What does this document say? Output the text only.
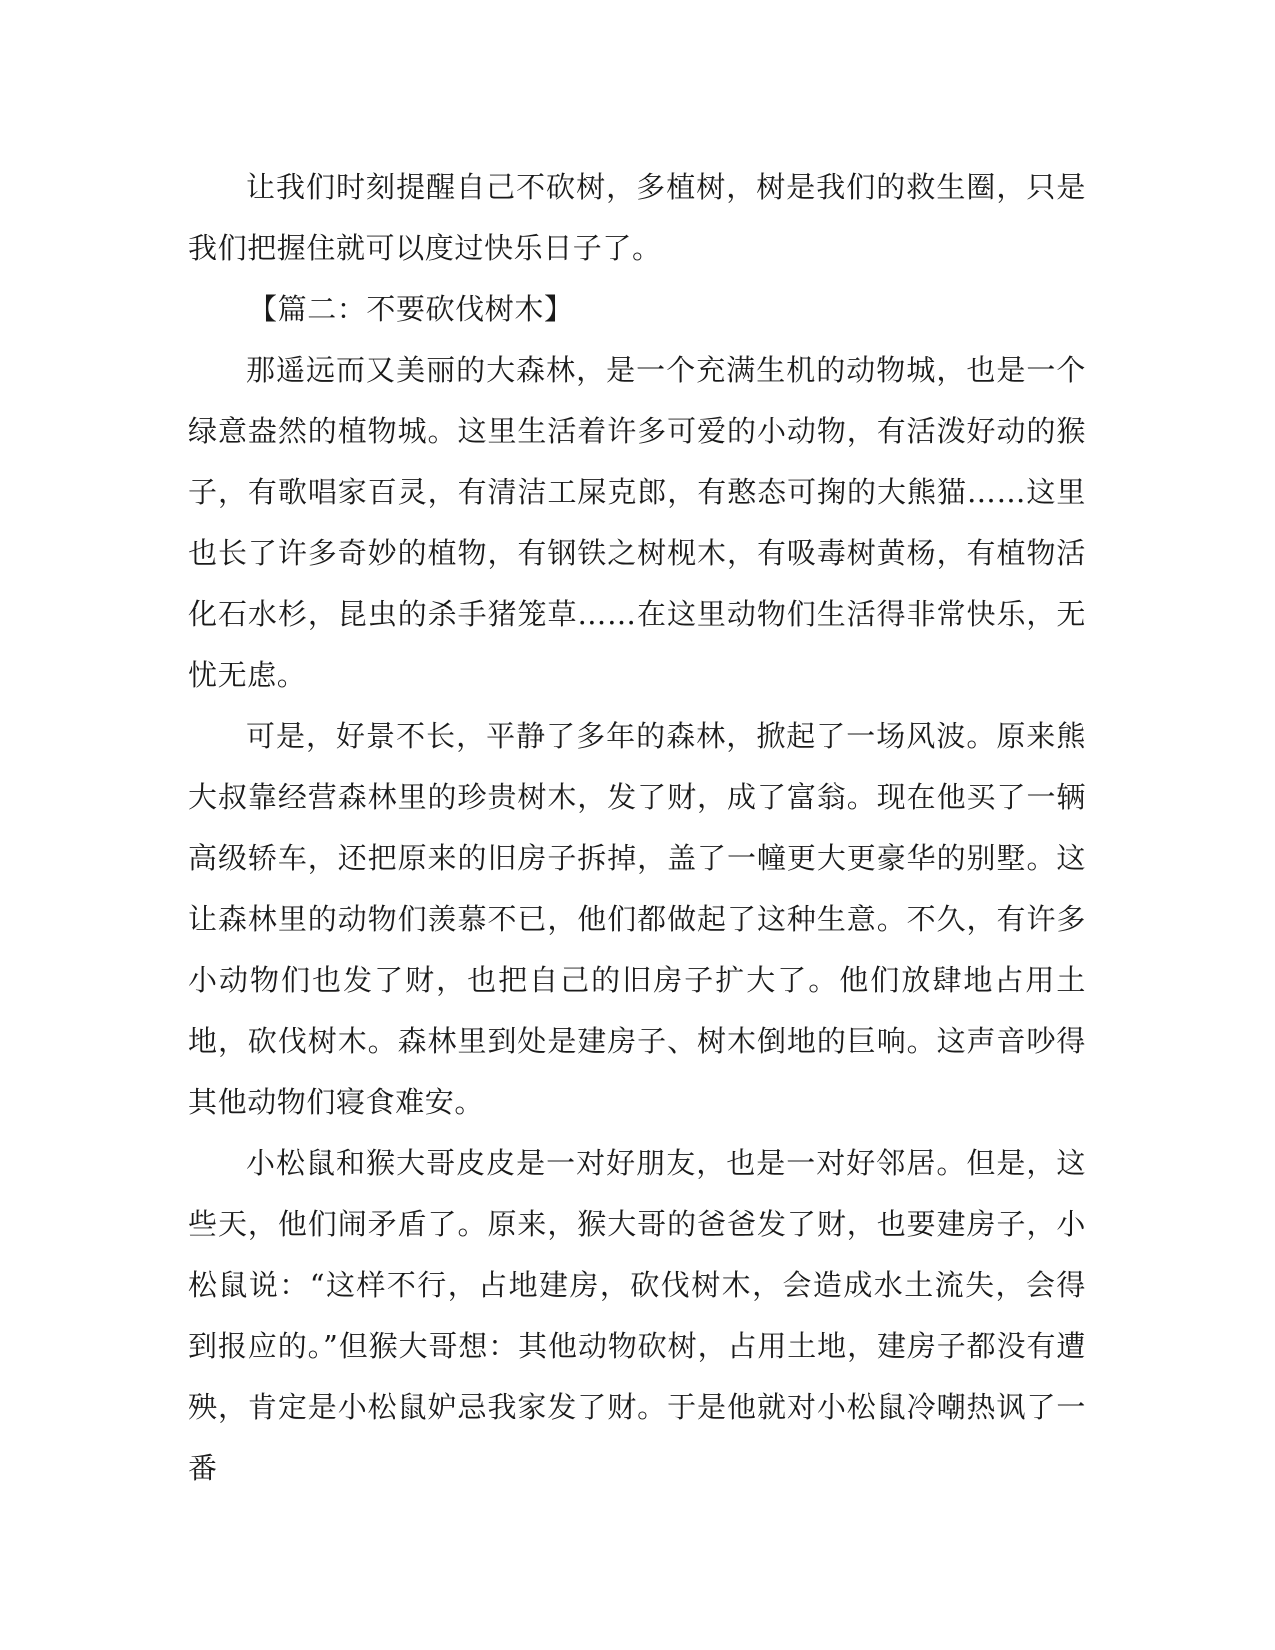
让我们时刻提醒自己不砍树，多植树，树是我们的救生圈，只是我们把握住就可以度过快乐日子了。

【篇二：不要砍伐树木】

那遥远而又美丽的大森林，是一个充满生机的动物城，也是一个绿意盎然的植物城。这里生活着许多可爱的小动物，有活泼好动的猴子，有歌唱家百灵，有清洁工屎克郎，有憨态可掬的大熊猫……这里也长了许多奇妙的植物，有钢铁之树枧木，有吸毒树黄杨，有植物活化石水杉，昆虫的杀手猪笼草……在这里动物们生活得非常快乐，无忧无虑。

可是，好景不长，平静了多年的森林，掀起了一场风波。原来熊大叔靠经营森林里的珍贵树木，发了财，成了富翁。现在他买了一辆高级轿车，还把原来的旧房子拆掉，盖了一幢更大更豪华的别墅。这让森林里的动物们羡慕不已，他们都做起了这种生意。不久，有许多小动物们也发了财，也把自己的旧房子扩大了。他们放肆地占用土地，砍伐树木。森林里到处是建房子、树木倒地的巨响。这声音吵得其他动物们寝食难安。

小松鼠和猴大哥皮皮是一对好朋友，也是一对好邻居。但是，这些天，他们闹矛盾了。原来，猴大哥的爸爸发了财，也要建房子，小松鼠说：“这样不行，占地建房，砍伐树木，会造成水土流失，会得到报应的。”但猴大哥想：其他动物砍树，占用土地，建房子都没有遭殃，肯定是小松鼠妒忌我家发了财。于是他就对小松鼠冷嘲热讽了一番
